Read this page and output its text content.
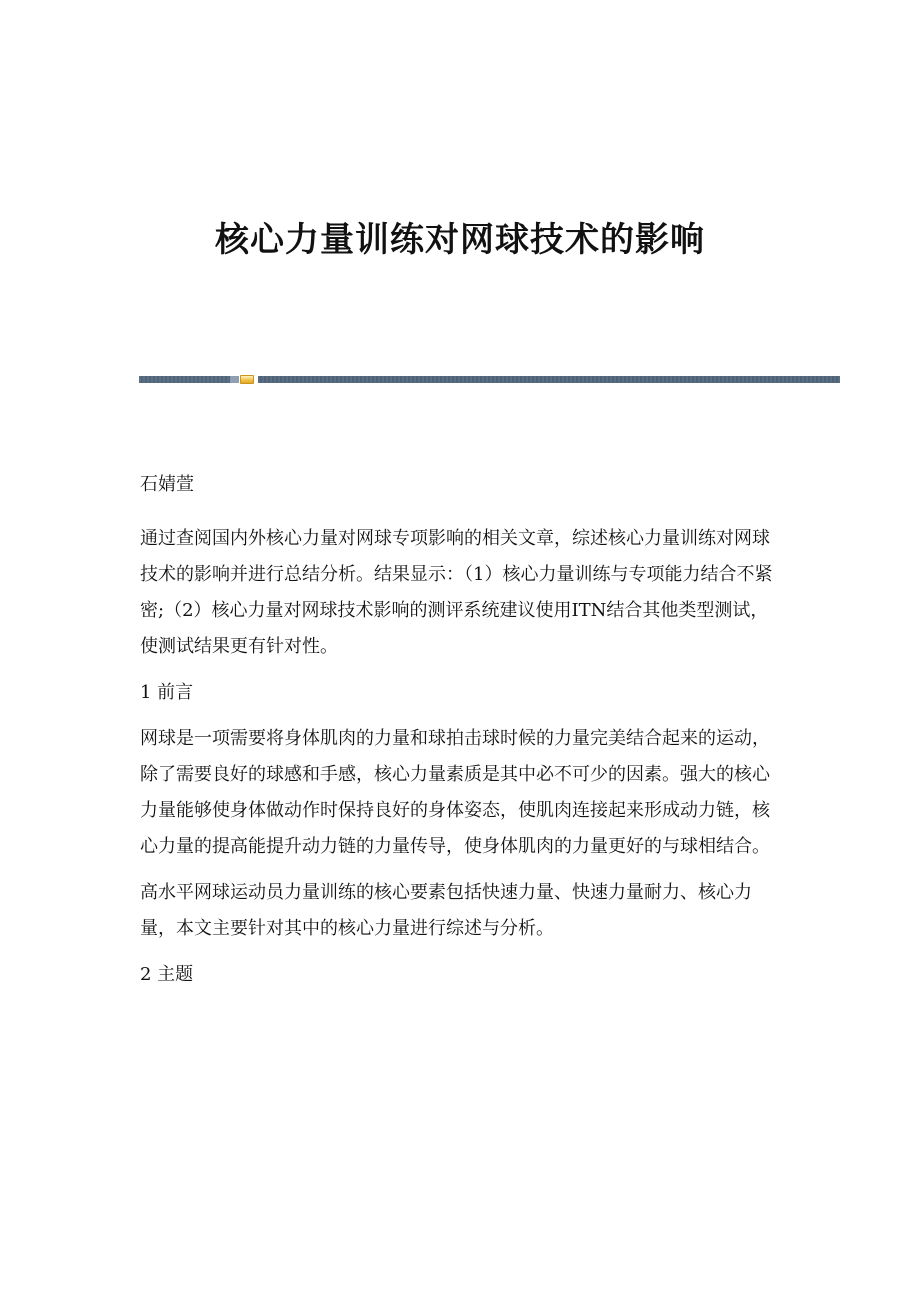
核心力量训练对网球技术的影响
石婧萱

通过查阅国内外核心力量对网球专项影响的相关文章，综述核心力量训练对网球技术的影响并进行总结分析。结果显示：（1）核心力量训练与专项能力结合不紧密;（2）核心力量对网球技术影响的测评系统建议使用ITN结合其他类型测试，使测试结果更有针对性。

1 前言

网球是一项需要将身体肌肉的力量和球拍击球时候的力量完美结合起来的运动，除了需要良好的球感和手感，核心力量素质是其中必不可少的因素。强大的核心力量能够使身体做动作时保持良好的身体姿态，使肌肉连接起来形成动力链，核心力量的提高能提升动力链的力量传导，使身体肌肉的力量更好的与球相结合。

高水平网球运动员力量训练的核心要素包括快速力量、快速力量耐力、核心力量，本文主要针对其中的核心力量进行综述与分析。

2 主题
